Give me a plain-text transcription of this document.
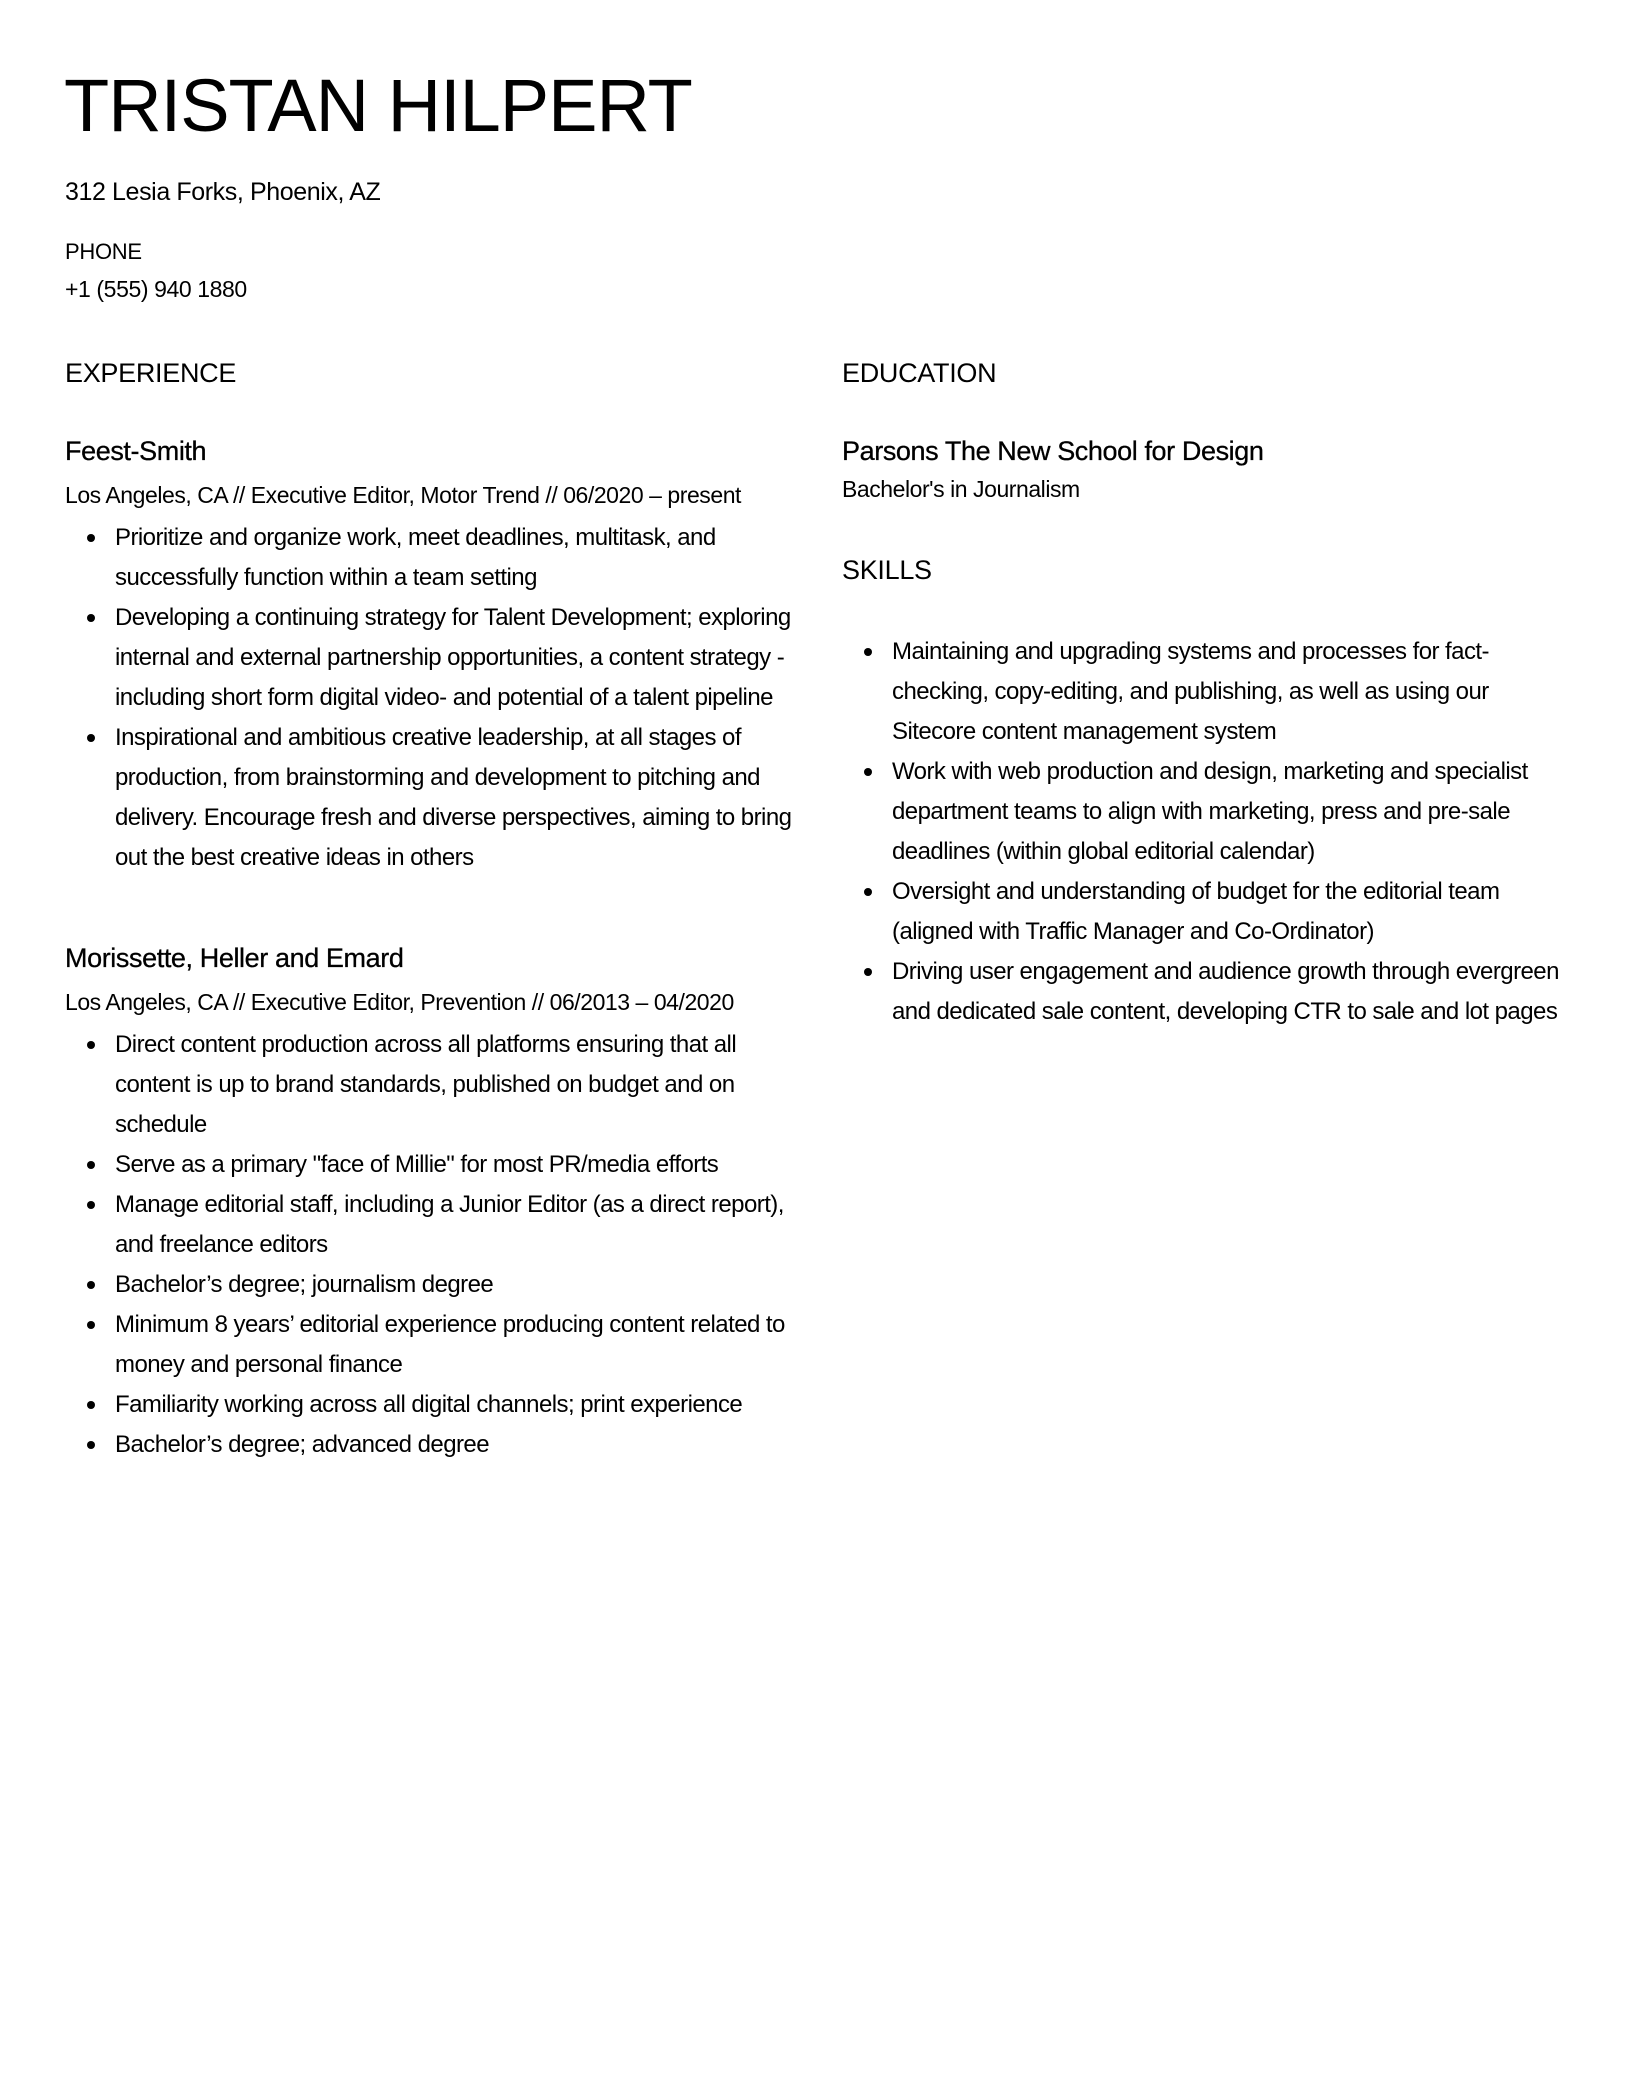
TRISTAN HILPERT
312 Lesia Forks, Phoenix, AZ
PHONE
+1 (555) 940 1880
EXPERIENCE
Feest-Smith
Los Angeles, CA // Executive Editor, Motor Trend // 06/2020 – present
Prioritize and organize work, meet deadlines, multitask, and successfully function within a team setting
Developing a continuing strategy for Talent Development; exploring internal and external partnership opportunities, a content strategy - including short form digital video- and potential of a talent pipeline
Inspirational and ambitious creative leadership, at all stages of production, from brainstorming and development to pitching and delivery. Encourage fresh and diverse perspectives, aiming to bring out the best creative ideas in others
Morissette, Heller and Emard
Los Angeles, CA // Executive Editor, Prevention // 06/2013 – 04/2020
Direct content production across all platforms ensuring that all content is up to brand standards, published on budget and on schedule
Serve as a primary "face of Millie" for most PR/media efforts
Manage editorial staff, including a Junior Editor (as a direct report), and freelance editors
Bachelor’s degree; journalism degree
Minimum 8 years’ editorial experience producing content related to money and personal finance
Familiarity working across all digital channels; print experience
Bachelor’s degree; advanced degree
EDUCATION
Parsons The New School for Design
Bachelor's in Journalism
SKILLS
Maintaining and upgrading systems and processes for fact-checking, copy-editing, and publishing, as well as using our Sitecore content management system
Work with web production and design, marketing and specialist department teams to align with marketing, press and pre-sale deadlines (within global editorial calendar)
Oversight and understanding of budget for the editorial team (aligned with Traffic Manager and Co-Ordinator)
Driving user engagement and audience growth through evergreen and dedicated sale content, developing CTR to sale and lot pages
